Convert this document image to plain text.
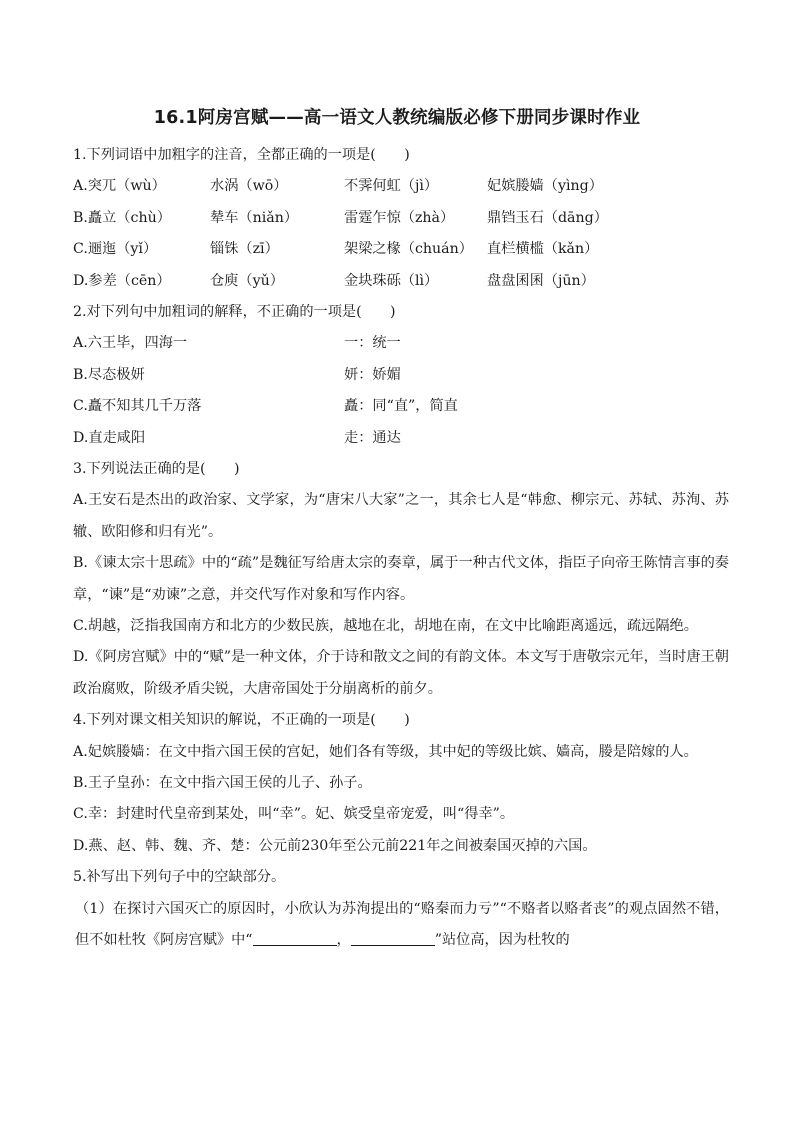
16.1阿房宫赋——高一语文人教统编版必修下册同步课时作业
1.下列词语中加粗字的注音，全都正确的一项是(　　)
A.突兀（wù）	水涡（wō）	不霁何虹（jì）	妃嫔媵嫱（yìng）
B.矗立（chù）	辇车（niǎn）	雷霆乍惊（zhà） 鼎铛玉石（dāng）
C.逦迤（yǐ）	锱铢（zī）	架梁之椽（chuán） 直栏横槛（kǎn）
D.参差（cēn）	仓庾（yǔ）	金块珠砾（lì）	盘盘囷囷（jūn）
2.对下列句中加粗词的解释，不正确的一项是(　　)
A.六王毕，四海一	一：统一
B.尽态极妍	妍：娇媚
C.矗不知其几千万落	矗：同“直”，简直
D.直走咸阳	走：通达
3.下列说法正确的是(　　)
A.王安石是杰出的政治家、文学家，为“唐宋八大家”之一，其余七人是“韩愈、柳宗元、苏轼、苏洵、苏辙、欧阳修和归有光”。
B.《谏太宗十思疏》中的“疏”是魏征写给唐太宗的奏章，属于一种古代文体，指臣子向帝王陈情言事的奏章，“谏”是“劝谏”之意，并交代写作对象和写作内容。
C.胡越，泛指我国南方和北方的少数民族，越地在北，胡地在南，在文中比喻距离遥远，疏远隔绝。
D.《阿房宫赋》中的“赋”是一种文体，介于诗和散文之间的有韵文体。本文写于唐敬宗元年，当时唐王朝政治腐败，阶级矛盾尖锐，大唐帝国处于分崩离析的前夕。
4.下列对课文相关知识的解说，不正确的一项是(　　)
A.妃嫔媵嫱：在文中指六国王侯的宫妃，她们各有等级，其中妃的等级比嫔、嫱高，媵是陪嫁的人。
B.王子皇孙：在文中指六国王侯的儿子、孙子。
C.幸：封建时代皇帝到某处，叫“幸”。妃、嫔受皇帝宠爱，叫“得幸”。
D.燕、赵、韩、魏、齐、楚：公元前230年至公元前221年之间被秦国灭掉的六国。
5.补写出下列句子中的空缺部分。
（1）在探讨六国灭亡的原因时，小欣认为苏洵提出的“赂秦而力亏”“不赂者以赂者丧”的观点固然不错，但不如杜牧《阿房宫赋》中“	，	”站位高，因为杜牧的
